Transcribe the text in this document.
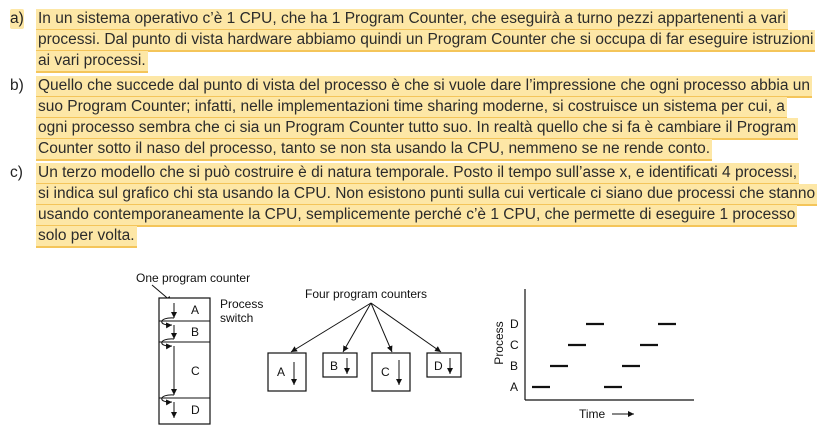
a) In un sistema operativo c’è 1 CPU, che ha 1 Program Counter, che eseguirà a turno pezzi appartenenti a vari
processi. Dal punto di vista hardware abbiamo quindi un Program Counter che si occupa di far eseguire istruzioni
ai vari processi.
b) Quello che succede dal punto di vista del processo è che si vuole dare l’impressione che ogni processo abbia un
suo Program Counter; infatti, nelle implementazioni time sharing moderne, si costruisce un sistema per cui, a
ogni processo sembra che ci sia un Program Counter tutto suo. In realtà quello che si fa è cambiare il Program
Counter sotto il naso del processo, tanto se non sta usando la CPU, nemmeno se ne rende conto.
c) Un terzo modello che si può costruire è di natura temporale. Posto il tempo sull’asse x, e identificati 4 processi,
si indica sul grafico chi sta usando la CPU. Non esistono punti sulla cui verticale ci siano due processi che stanno
usando contemporaneamente la CPU, semplicemente perché c’è 1 CPU, che permette di eseguire 1 processo
solo per volta.
One program counter
Process
switch
A
B
C
D
Four program counters
A	B	C	D
Process D
C
B
A
Time
